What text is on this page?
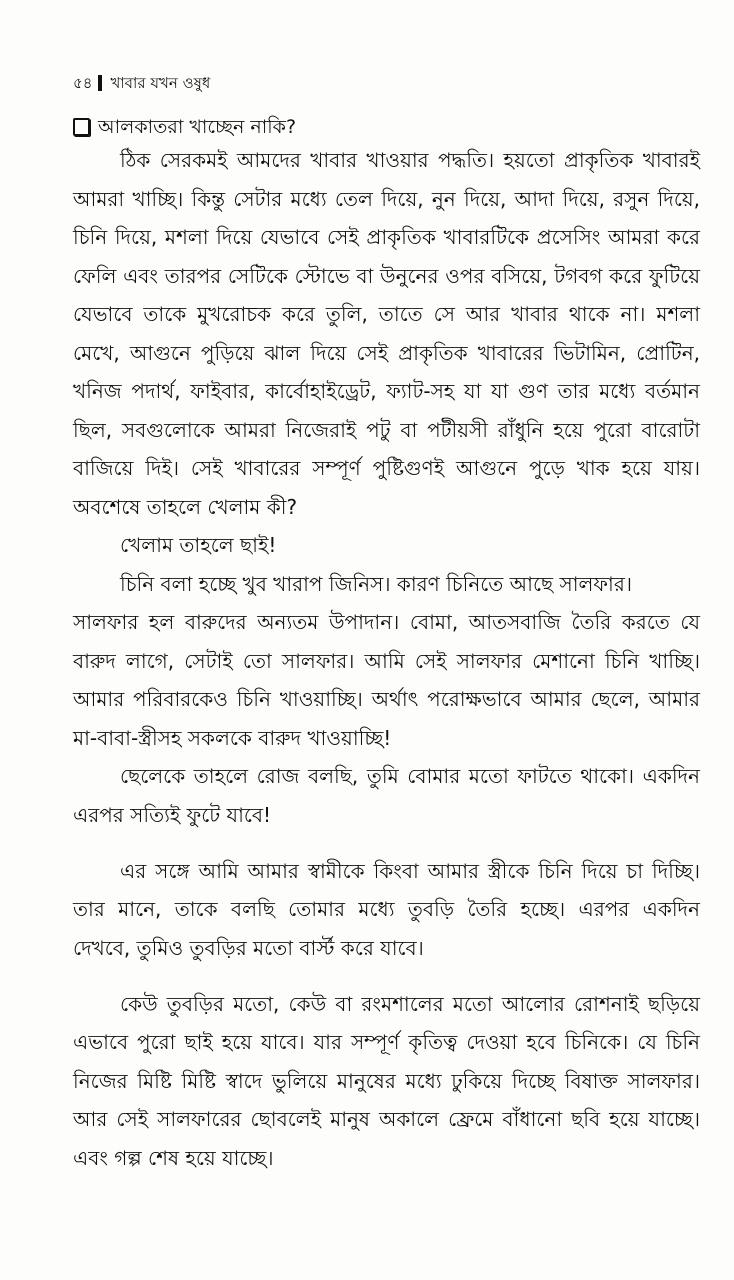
৫৪ খাবার যখন ওষুধ
আলকাতরা খাচ্ছেন নাকি?
ঠিক সেরকমই আমদের খাবার খাওয়ার পদ্ধতি। হয়তো প্রাকৃতিক খাবারই
আমরা খাচ্ছি। কিন্তু সেটার মধ্যে তেল দিয়ে, নুন দিয়ে, আদা দিয়ে, রসুন দিয়ে,
চিনি দিয়ে, মশলা দিয়ে যেভাবে সেই প্রাকৃতিক খাবারটিকে প্রসেসিং আমরা করে
ফেলি এবং তারপর সেটিকে স্টোভে বা উনুনের ওপর বসিয়ে, টগবগ করে ফুটিয়ে
যেভাবে তাকে মুখরোচক করে তুলি, তাতে সে আর খাবার থাকে না। মশলা
মেখে, আগুনে পুড়িয়ে ঝাল দিয়ে সেই প্রাকৃতিক খাবারের ভিটামিন, প্রোটিন,
খনিজ পদার্থ, ফাইবার, কার্বোহাইড্রেট, ফ্যাট-সহ যা যা গুণ তার মধ্যে বর্তমান
ছিল, সবগুলোকে আমরা নিজেরাই পটু বা পটীয়সী রাঁধুনি হয়ে পুরো বারোটা
বাজিয়ে দিই। সেই খাবারের সম্পূর্ণ পুষ্টিগুণই আগুনে পুড়ে খাক হয়ে যায়।
অবশেষে তাহলে খেলাম কী?
খেলাম তাহলে ছাই!
চিনি বলা হচ্ছে খুব খারাপ জিনিস। কারণ চিনিতে আছে সালফার।
সালফার হল বারুদের অন্যতম উপাদান। বোমা, আতসবাজি তৈরি করতে যে
বারুদ লাগে, সেটাই তো সালফার। আমি সেই সালফার মেশানো চিনি খাচ্ছি।
আমার পরিবারকেও চিনি খাওয়াচ্ছি। অর্থাৎ পরোক্ষভাবে আমার ছেলে, আমার
মা-বাবা-স্ত্রীসহ সকলকে বারুদ খাওয়াচ্ছি!
ছেলেকে তাহলে রোজ বলছি, তুমি বোমার মতো ফাটতে থাকো। একদিন
এরপর সত্যিই ফুটে যাবে!
এর সঙ্গে আমি আমার স্বামীকে কিংবা আমার স্ত্রীকে চিনি দিয়ে চা দিচ্ছি।
তার মানে, তাকে বলছি তোমার মধ্যে তুবড়ি তৈরি হচ্ছে। এরপর একদিন
দেখবে, তুমিও তুবড়ির মতো বার্স্ট করে যাবে।
কেউ তুবড়ির মতো, কেউ বা রংমশালের মতো আলোর রোশনাই ছড়িয়ে
এভাবে পুরো ছাই হয়ে যাবে। যার সম্পূর্ণ কৃতিত্ব দেওয়া হবে চিনিকে। যে চিনি
নিজের মিষ্টি মিষ্টি স্বাদে ভুলিয়ে মানুষের মধ্যে ঢুকিয়ে দিচ্ছে বিষাক্ত সালফার।
আর সেই সালফারের ছোবলেই মানুষ অকালে ফ্রেমে বাঁধানো ছবি হয়ে যাচ্ছে।
এবং গল্প শেষ হয়ে যাচ্ছে।
